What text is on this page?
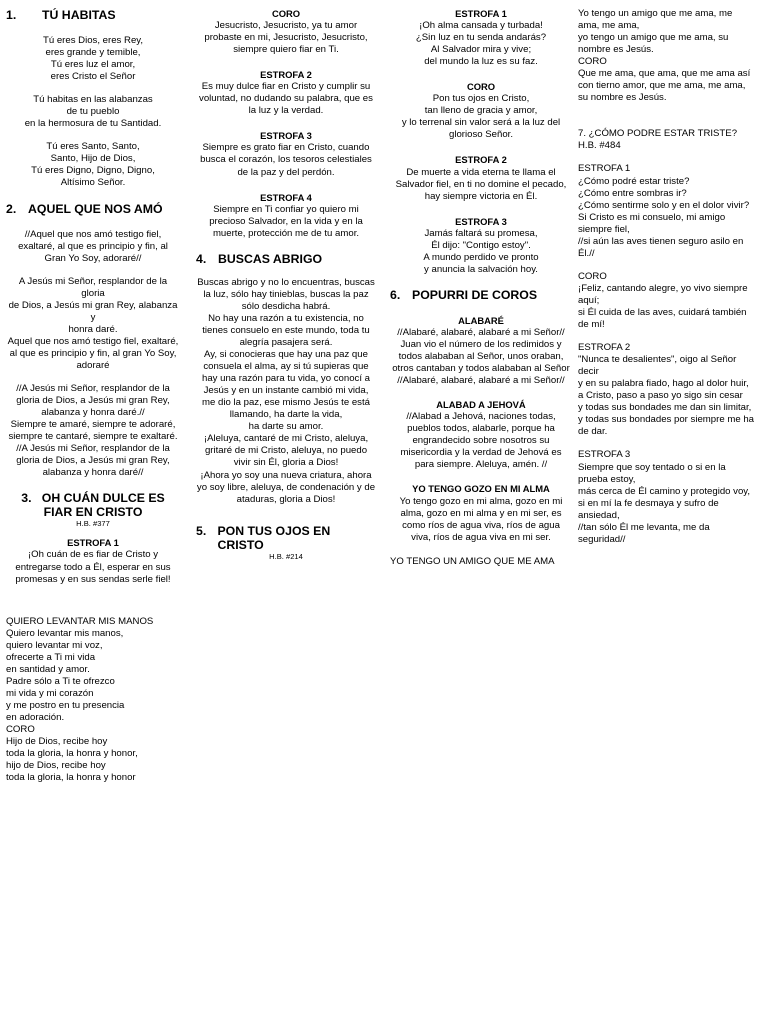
1.	TÚ HABITAS
Tú eres Dios, eres Rey,
eres grande y temible,
Tú eres luz el amor,
eres Cristo el Señor
Tú habitas en las alabanzas
de tu pueblo
en la hermosura de tu Santidad.
Tú eres Santo, Santo,
Santo, Hijo de Dios,
Tú eres Digno, Digno, Digno,
Altísimo Señor.
2. AQUEL QUE NOS AMÓ
//Aquel que nos amó testigo fiel,
exaltaré, al que es principio y fin, al
Gran Yo Soy, adoraré//
A Jesús mi Señor, resplandor de la gloria
de Dios, a Jesús mi gran Rey, alabanza y
honra daré.
Aquel que nos amó testigo fiel, exaltaré,
al que es principio y fin, al gran Yo Soy,
adoraré
//A Jesús mi Señor, resplandor de la
gloria de Dios, a Jesús mi gran Rey,
alabanza y honra daré.//
Siempre te amaré, siempre te adoraré,
siempre te cantaré, siempre te exaltaré.
//A Jesús mi Señor, resplandor de la
gloria de Dios, a Jesús mi gran Rey,
alabanza y honra daré//
3. OH CUÁN DULCE ES FIAR EN CRISTO
H.B. #377
ESTROFA 1
¡Oh cuán de es fiar de Cristo y
entregarse todo a Él, esperar en sus
promesas y en sus sendas serle fiel!
QUIERO LEVANTAR MIS MANOS
Quiero levantar mis manos,
quiero levantar mi voz,
ofrecerte a Ti mi vida
en santidad y amor.
Padre sólo a Ti te ofrezco
mi vida y mi corazón
y me postro en tu presencia
en adoración.
CORO
Hijo de Dios, recibe hoy
toda la gloria, la honra y honor,
hijo de Dios, recibe hoy
toda la gloria, la honra y honor
CORO
Jesucristo, Jesucristo, ya tu amor
probaste en mi, Jesucristo, Jesucristo,
siempre quiero fiar en Ti.
ESTROFA 2
Es muy dulce fiar en Cristo y cumplir su
voluntad, no dudando su palabra, que es
la luz y la verdad.
ESTROFA 3
Siempre es grato fiar en Cristo, cuando
busca el corazón, los tesoros celestiales
de la paz y del perdón.
ESTROFA 4
Siempre en Ti confiar yo quiero mi
precioso Salvador, en la vida y en la
muerte, protección me de tu amor.
4. BUSCAS ABRIGO
Buscas abrigo y no lo encuentras, buscas
la luz, sólo hay tinieblas, buscas la paz
sólo desdicha habrá.
No hay una razón a tu existencia, no
tienes consuelo en este mundo, toda tu
alegría pasajera será.
Ay, si conocieras que hay una paz que
consuela el alma, ay si tú supieras que
hay una razón para tu vida, yo conocí a
Jesús y en un instante cambió mi vida,
me dio la paz, ese mismo Jesús te está
llamando, ha darte la vida,
ha darte su amor.
¡Aleluya, cantaré de mi Cristo, aleluya,
gritaré de mi Cristo, aleluya, no puedo
vivir sin Él, gloria a Dios!
¡Ahora yo soy una nueva criatura, ahora
yo soy libre, aleluya, de condenación y de
ataduras, gloria a Dios!
5. PON TUS OJOS EN CRISTO
H.B. #214
ESTROFA 1
¡Oh alma cansada y turbada!
¿Sin luz en tu senda andarás?
Al Salvador mira y vive;
del mundo la luz es su faz.
CORO
Pon tus ojos en Cristo,
tan lleno de gracia y amor,
y lo terrenal sin valor será a la luz del
glorioso Señor.
ESTROFA 2
De muerte a vida eterna te llama el
Salvador fiel, en ti no domine el pecado,
hay siempre victoria en Él.
ESTROFA 3
Jamás faltará su promesa,
Él dijo: "Contigo estoy".
A mundo perdido ve pronto
y anuncia la salvación hoy.
6. POPURRI DE COROS
ALABARÉ
//Alabaré, alabaré, alabaré a mi Señor//
Juan vio el número de los redimidos y
todos alababan al Señor, unos oraban,
otros cantaban y todos alababan al Señor
//Alabaré, alabaré, alabaré a mi Señor//
ALABAD A JEHOVÁ
//Alabad a Jehová, naciones todas,
pueblos todos, alabarle, porque ha
engrandecido sobre nosotros su
misericordia y la verdad de Jehová es
para siempre. Aleluya, amén. //
YO TENGO GOZO EN MI ALMA
Yo tengo gozo en mi alma, gozo en mi
alma, gozo en mi alma y en mi ser, es
como ríos de agua viva, ríos de agua
viva, ríos de agua viva en mi ser.
YO TENGO UN AMIGO QUE ME AMA
Yo tengo un amigo que me ama, me
ama, me ama,
yo tengo un amigo que me ama, su
nombre es Jesús.
CORO
Que me ama, que ama, que me ama así
con tierno amor, que me ama, me ama,
su nombre es Jesús.
7. ¿CÓMO PODRE ESTAR TRISTE?
H.B. #484
ESTROFA 1
¿Cómo podré estar triste?
¿Cómo entre sombras ir?
¿Cómo sentirme solo y en el dolor vivir?
Si Cristo es mi consuelo, mi amigo
siempre fiel,
//si aún las aves tienen seguro asilo en
Él.//
CORO
¡Feliz, cantando alegre, yo vivo siempre
aquí;
si Él cuida de las aves, cuidará también
de mí!
ESTROFA 2
"Nunca te desalientes", oigo al Señor
decir
y en su palabra fiado, hago al dolor huir,
a Cristo, paso a paso yo sigo sin cesar
y todas sus bondades me dan sin limitar,
y todas sus bondades por siempre me ha
de dar.
ESTROFA 3
Siempre que soy tentado o si en la
prueba estoy,
más cerca de Él camino y protegido voy,
si en mí la fe desmaya y sufro de
ansiedad,
//tan sólo Él me levanta, me da
seguridad//
